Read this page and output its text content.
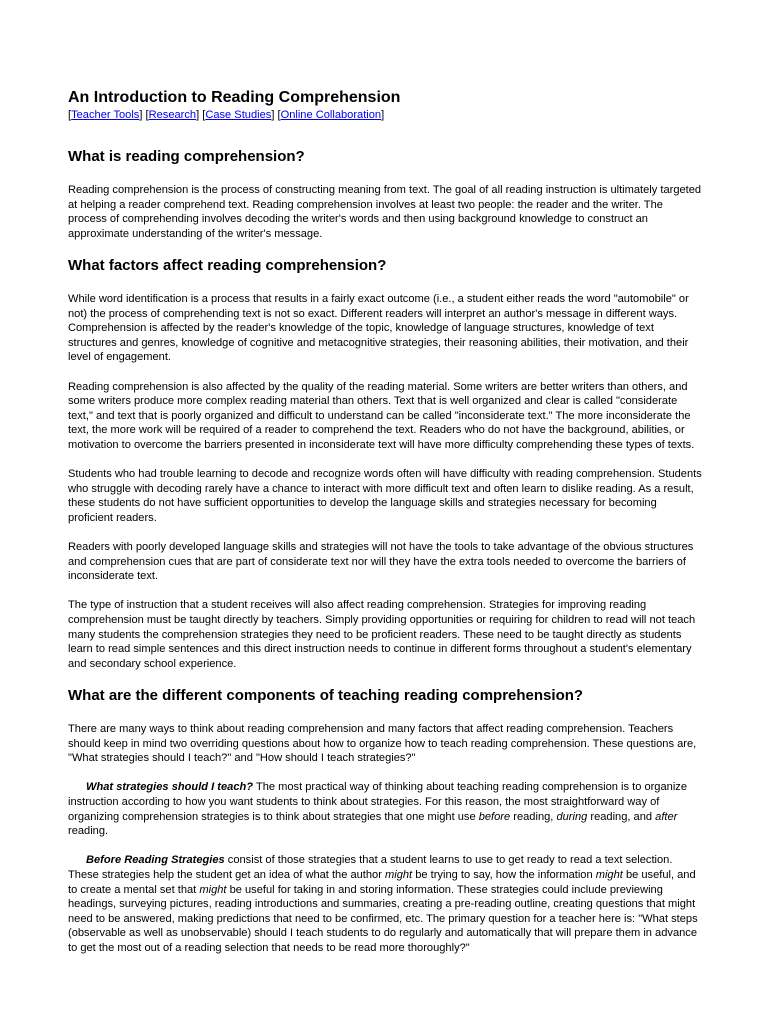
An Introduction to Reading Comprehension
[Teacher Tools] [Research] [Case Studies] [Online Collaboration]
What is reading comprehension?

Reading comprehension is the process of constructing meaning from text. The goal of all reading instruction is ultimately targeted at helping a reader comprehend text. Reading comprehension involves at least two people: the reader and the writer. The process of comprehending involves decoding the writer's words and then using background knowledge to construct an approximate understanding of the writer's message.

What factors affect reading comprehension?

While word identification is a process that results in a fairly exact outcome (i.e., a student either reads the word "automobile" or not) the process of comprehending text is not so exact. Different readers will interpret an author's message in different ways. Comprehension is affected by the reader's knowledge of the topic, knowledge of language structures, knowledge of text structures and genres, knowledge of cognitive and metacognitive strategies, their reasoning abilities, their motivation, and their level of engagement.

Reading comprehension is also affected by the quality of the reading material. Some writers are better writers than others, and some writers produce more complex reading material than others. Text that is well organized and clear is called "considerate text," and text that is poorly organized and difficult to understand can be called "inconsiderate text." The more inconsiderate the text, the more work will be required of a reader to comprehend the text. Readers who do not have the background, abilities, or motivation to overcome the barriers presented in inconsiderate text will have more difficulty comprehending these types of texts.

Students who had trouble learning to decode and recognize words often will have difficulty with reading comprehension. Students who struggle with decoding rarely have a chance to interact with more difficult text and often learn to dislike reading. As a result, these students do not have sufficient opportunities to develop the language skills and strategies necessary for becoming proficient readers.

Readers with poorly developed language skills and strategies will not have the tools to take advantage of the obvious structures and comprehension cues that are part of considerate text nor will they have the extra tools needed to overcome the barriers of inconsiderate text.

The type of instruction that a student receives will also affect reading comprehension. Strategies for improving reading comprehension must be taught directly by teachers. Simply providing opportunities or requiring for children to read will not teach many students the comprehension strategies they need to be proficient readers. These need to be taught directly as students learn to read simple sentences and this direct instruction needs to continue in different forms throughout a student's elementary and secondary school experience.

What are the different components of teaching reading comprehension?

There are many ways to think about reading comprehension and many factors that affect reading comprehension. Teachers should keep in mind two overriding questions about how to organize how to teach reading comprehension. These questions are, "What strategies should I teach?" and "How should I teach strategies?"

What strategies should I teach? The most practical way of thinking about teaching reading comprehension is to organize instruction according to how you want students to think about strategies. For this reason, the most straightforward way of organizing comprehension strategies is to think about strategies that one might use before reading, during reading, and after reading.

Before Reading Strategies consist of those strategies that a student learns to use to get ready to read a text selection. These strategies help the student get an idea of what the author might be trying to say, how the information might be useful, and to create a mental set that might be useful for taking in and storing information. These strategies could include previewing headings, surveying pictures, reading introductions and summaries, creating a pre-reading outline, creating questions that might need to be answered, making predictions that need to be confirmed, etc. The primary question for a teacher here is: "What steps (observable as well as unobservable) should I teach students to do regularly and automatically that will prepare them in advance to get the most out of a reading selection that needs to be read more thoroughly?"
